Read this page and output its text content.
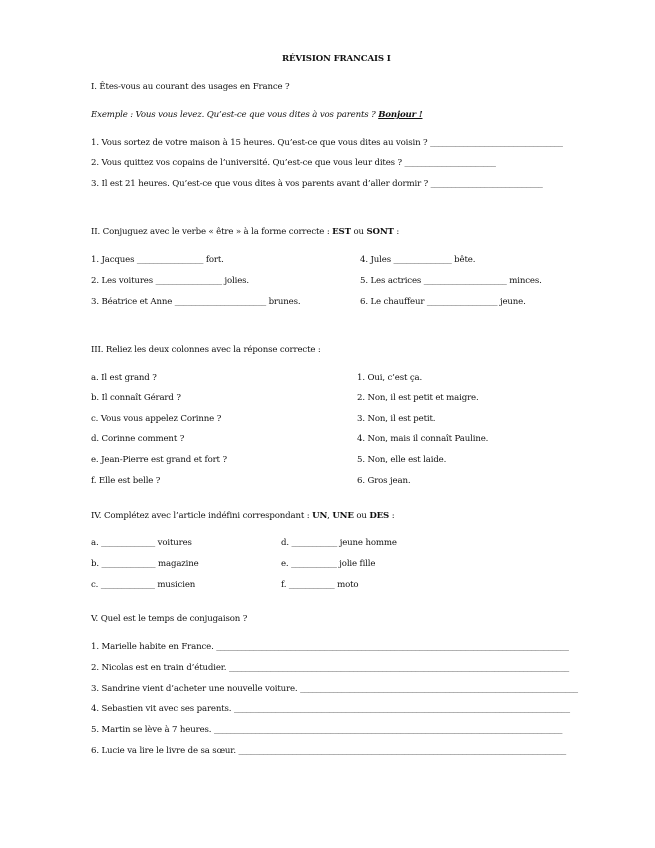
RÉVISION FRANCAIS I
I. Êtes-vous au courant des usages en France ?
Exemple : Vous vous levez. Qu’est-ce que vous dites à vos parents ? Bonjour !
1. Vous sortez de votre maison à 15 heures. Qu’est-ce que vous dites au voisin ? ________________________________
2. Vous quittez vos copains de l’université. Qu’est-ce que vous leur dites ? ______________________
3. Il est 21 heures. Qu’est-ce que vous dites à vos parents avant d’aller dormir ? ___________________________
II. Conjuguez avec le verbe « être » à la forme correcte : EST ou SONT :
1. Jacques ________________ fort.
2. Les voitures ________________ jolies.
3. Béatrice et Anne ______________________ brunes.
4. Jules ______________ bête.
5. Les actrices ____________________ minces.
6. Le chauffeur _________________ jeune.
III. Reliez les deux colonnes avec la réponse correcte :
a. Il est grand ?
b. Il connaît Gérard ?
c. Vous vous appelez Corinne ?
d. Corinne comment ?
e. Jean-Pierre est grand et fort ?
f. Elle est belle ?
1. Oui, c’est ça.
2. Non, il est petit et maigre.
3. Non, il est petit.
4. Non, mais il connaît Pauline.
5. Non, elle est laide.
6. Gros jean.
IV. Complétez avec l’article indéfini correspondant : UN, UNE ou DES :
a. _____________ voitures
b. _____________ magazine
c. _____________ musicien
d. ___________ jeune homme
e. ___________ jolie fille
f. ___________ moto
V. Quel est le temps de conjugaison ?
1. Marielle habite en France. _____________________________________________________________________________________
2. Nicolas est en train d’étudier. __________________________________________________________________________________
3. Sandrine vient d’acheter une nouvelle voiture. ___________________________________________________________________
4. Sebastien vit avec ses parents. _________________________________________________________________________________
5. Martin se lève à 7 heures. ____________________________________________________________________________________
6. Lucie va lire le livre de sa sœur. _______________________________________________________________________________
